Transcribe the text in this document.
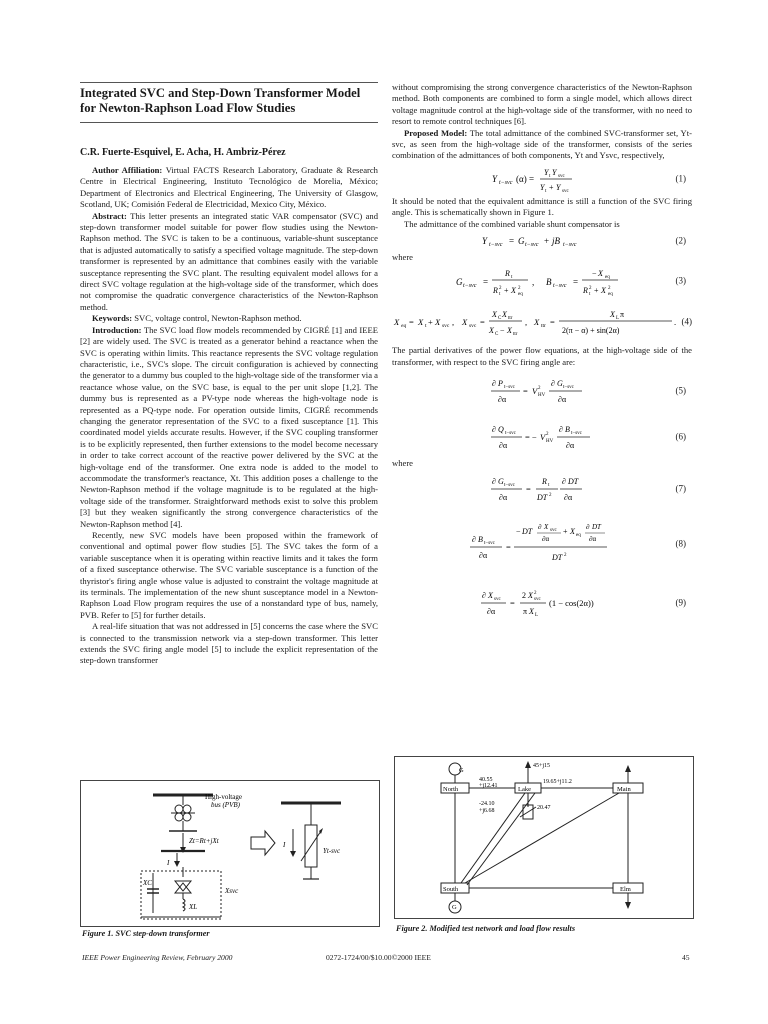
Integrated SVC and Step-Down Transformer Model for Newton-Raphson Load Flow Studies
C.R. Fuerte-Esquivel, E. Acha, H. Ambriz-Pérez

Author Affiliation: Virtual FACTS Research Laboratory, Graduate & Research Centre in Electrical Engineering, Instituto Tecnológico de Morelia, México; Department of Electronics and Electrical Engineering, The University of Glasgow, Scotland, UK; Comisión Federal de Electricidad, Mexico City, México.

Abstract: This letter presents an integrated static VAR compensator (SVC) and step-down transformer model suitable for power flow studies using the Newton-Raphson method. The SVC is taken to be a continuous, variable-shunt susceptance that is adjusted automatically to satisfy a specified voltage magnitude. The step-down transformer is represented by an admittance that combines easily with the variable susceptance representing the SVC plant. The resulting equivalent model allows for a direct SVC voltage regulation at the high-voltage side of the transformer, which does not compromise the quadratic convergence characteristics of the Newton-Raphson method.

Keywords: SVC, voltage control, Newton-Raphson method.

Introduction: The SVC load flow models recommended by CIGRÉ [1] and IEEE [2] are widely used. The SVC is treated as a generator behind a reactance when the SVC is operating within limits. This reactance represents the SVC voltage regulation characteristic, i.e., SVC's slope. The circuit configuration is achieved by connecting the generator to a dummy bus coupled to the high-voltage side of the transformer via a reactance whose value, on the SVC base, is equal to the per unit slope [1,2]. The dummy bus is represented as a PV-type node whereas the high-voltage node is represented as a PQ-type node. For operation outside limits, CIGRÉ recommends changing the generator representation of the SVC to a fixed susceptance [1]. This coordinated model yields accurate results. However, if the SVC coupling transformer is to be explicitly represented, then further extensions to the model become necessary in order to take correct account of the reactive power delivered by the SVC at the high-voltage end of the transformer. One extra node is added to the model to accommodate the transformer's reactance, Xt. This addition poses a challenge to the Newton-Raphson method if the voltage magnitude is to be regulated at the high-voltage side of the transformer. Straightforward methods exist to solve this problem [3] but they weaken significantly the strong convergence characteristics of the Newton-Raphson method [4].

Recently, new SVC models have been proposed within the framework of conventional and optimal power flow studies [5]. The SVC takes the form of a variable susceptance when it is operating within reactive limits and it takes the form of a fixed susceptance otherwise. The SVC variable susceptance is a function of the thyristor's firing angle whose value is adjusted to constraint the voltage magnitude at its terminals. The implementation of the new shunt susceptance model in a Newton-Raphson Load Flow program requires the use of a nonstandard type of bus, namely, PVB. Refer to [5] for further details.

A real-life situation that was not addressed in [5] concerns the case where the SVC is connected to the transmission network via a step-down transformer. This letter extends the SVC firing angle model [5] to include the explicit representation of the step-down transformer

without compromising the strong convergence characteristics of the Newton-Raphson method. Both components are combined to form a single model, which allows direct voltage magnitude control at the high-voltage side of the transformer, with no need to resort to remote control techniques [6].

Proposed Model: The total admittance of the combined SVC-transformer set, Yt-svc, as seen from the high-voltage side of the transformer, consists of the series combination of the admittances of both components, Yt and Ysvc, respectively,

Y t−svc (α) =
Y t Y svc
Y t + Y svc
(1)

It should be noted that the equivalent admittance is still a function of the SVC firing angle. This is schematically shown in Figure 1.

The admittance of the combined variable shunt compensator is

Y t−svc = G t−svc + jB t−svc	(2)

where

G t−svc =
R t
R t
2 + X eq
2
, B t−svc =
− X eq
R t
2 + X eq
2
(3)
X eq = X t + X svc , X svc =
X C X ttr
X C − X ttr
, X ttr =
X L π
2(π − α) + sin(2α)
. (4)

The partial derivatives of the power flow equations, at the high-voltage side of the transformer, with respect to the SVC firing angle are:

∂ P t−svc
∂α
= V HV
2
∂ G t−svc
∂α
(5)
∂ Q t−svc
∂α
= − V HV
2
∂ B t−svc
∂α
(6)

where

∂ G t−svc
∂α
=
R t
DT 2
∂ DT
∂α
(7)
∂ B t−svc
∂α
=
− DT ∂ X svc
∂α
+ X eq
∂ DT
∂α
DT 2
(8)
∂ X svc
∂α
=
2 X svc
2
π X L
(1 − cos(2α))	(9)
High-voltage
bus (PVB)
Zt=Rt+jXt
I
I
Yt-svc
XC
XL
Xsvc
Figure 1. SVC step-down transformer
G
G
North	Lake	Main
South	Elm
45+j15
40.55
+j12.41
19.65+j11.2
-24.10
+j6.68	20.47
Figure 2. Modified test network and load flow results
IEEE Power Engineering Review, February 2000	0272-1724/00/$10.00©2000 IEEE	45
